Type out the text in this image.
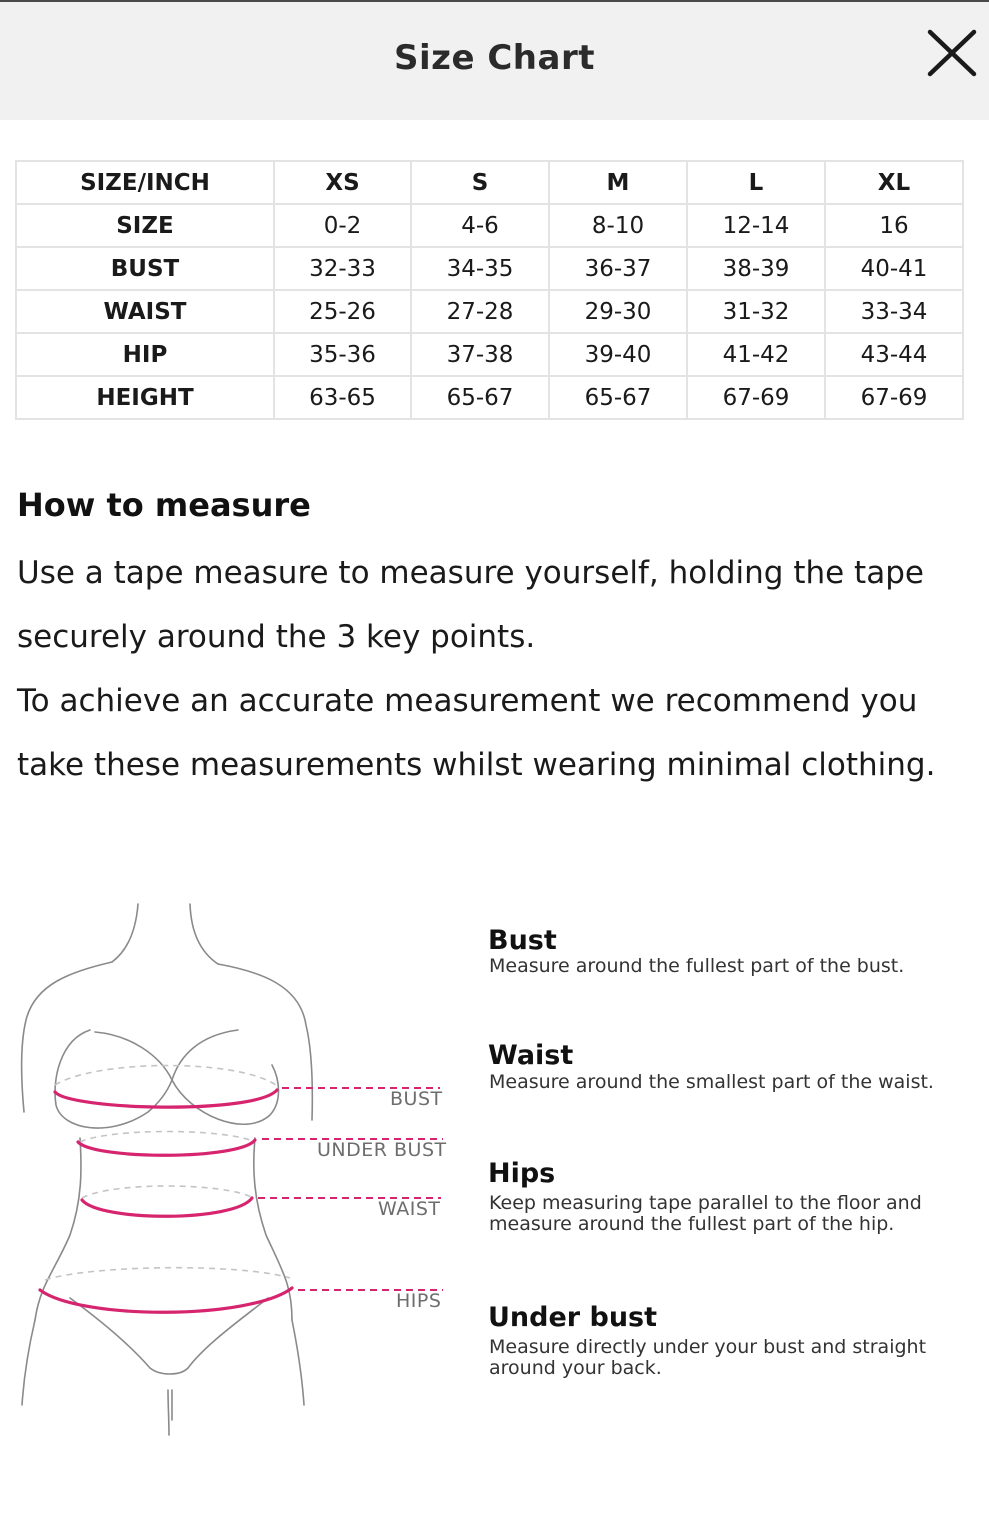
Size Chart
SIZE/INCH	XS	S	M	L	XL
SIZE	0-2	4-6	8-10	12-14	16
BUST	32-33	34-35	36-37	38-39	40-41
WAIST	25-26	27-28	29-30	31-32	33-34
HIP	35-36	37-38	39-40	41-42	43-44
HEIGHT	63-65	65-67	65-67	67-69	67-69
How to measure
Use a tape measure to measure yourself, holding the tape securely around the 3 key points.
To achieve an accurate measurement we recommend you take these measurements whilst wearing minimal clothing.
BUST
UNDER BUST
WAIST
HIPS
Bust
Measure around the fullest part of the bust.
Waist
Measure around the smallest part of the waist.
Hips
Keep measuring tape parallel to the floor and measure around the fullest part of the hip.
Under bust
Measure directly under your bust and straight around your back.
